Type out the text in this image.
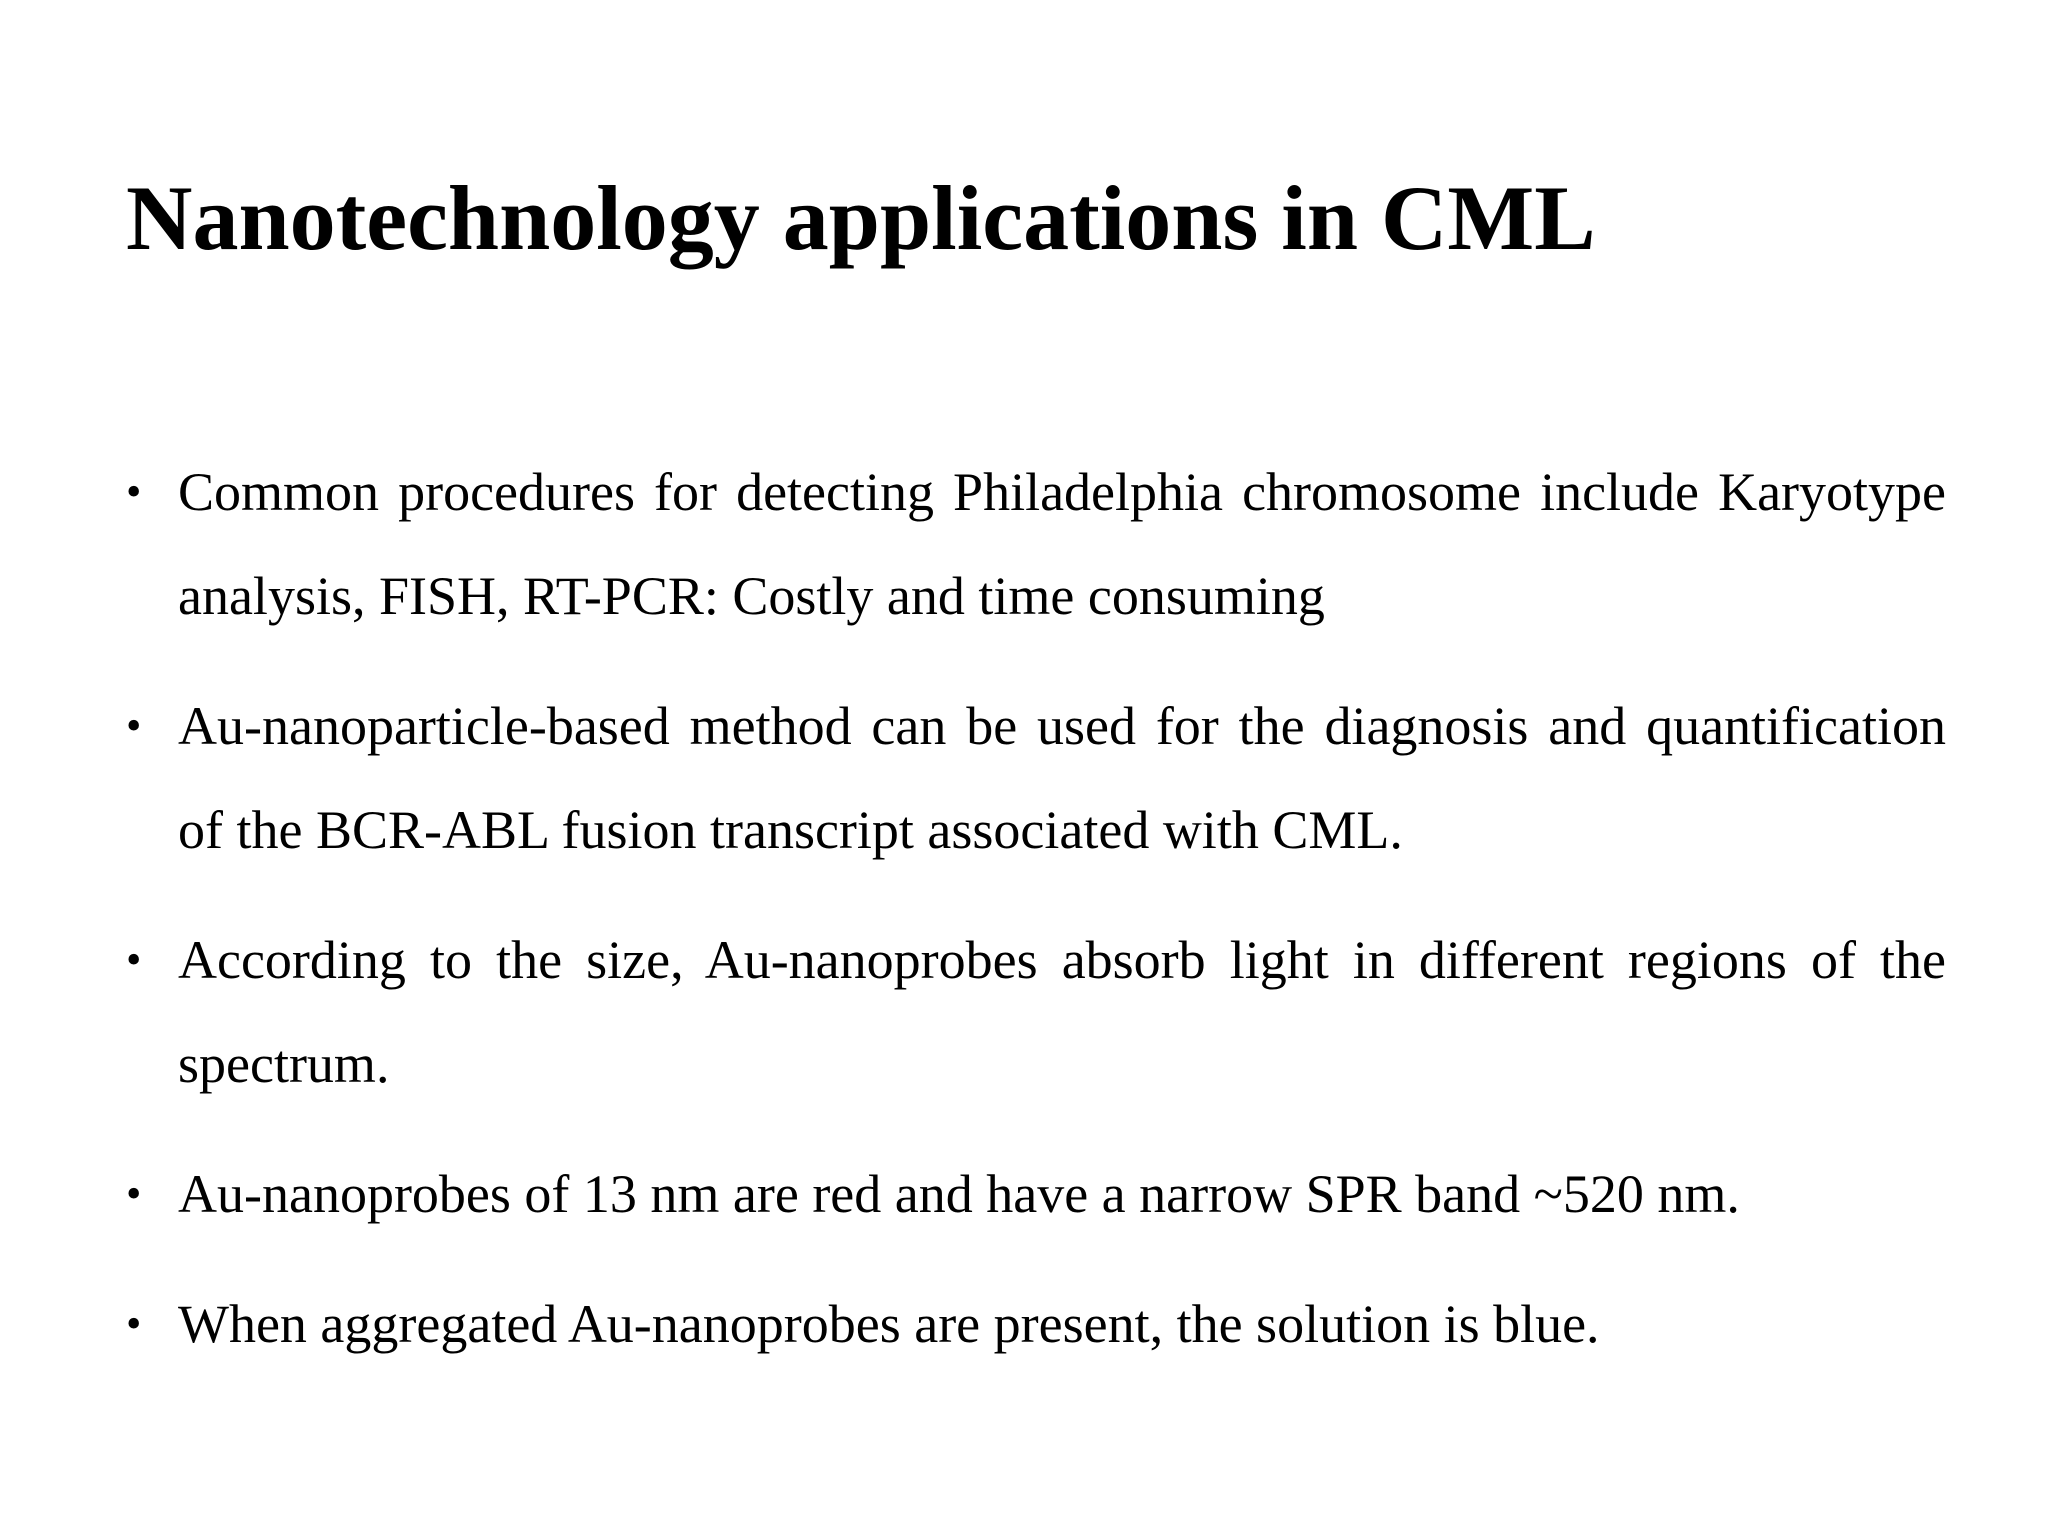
Nanotechnology applications in CML
• Common procedures for detecting Philadelphia chromosome include Karyotype analysis, FISH, RT-PCR: Costly and time consuming
• Au-nanoparticle-based method can be used for the diagnosis and quantification of the BCR-ABL fusion transcript associated with CML.
• According to the size, Au-nanoprobes absorb light in different regions of the spectrum.
• Au-nanoprobes of 13 nm are red and have a narrow SPR band ~520 nm.
• When aggregated Au-nanoprobes are present, the solution is blue.
